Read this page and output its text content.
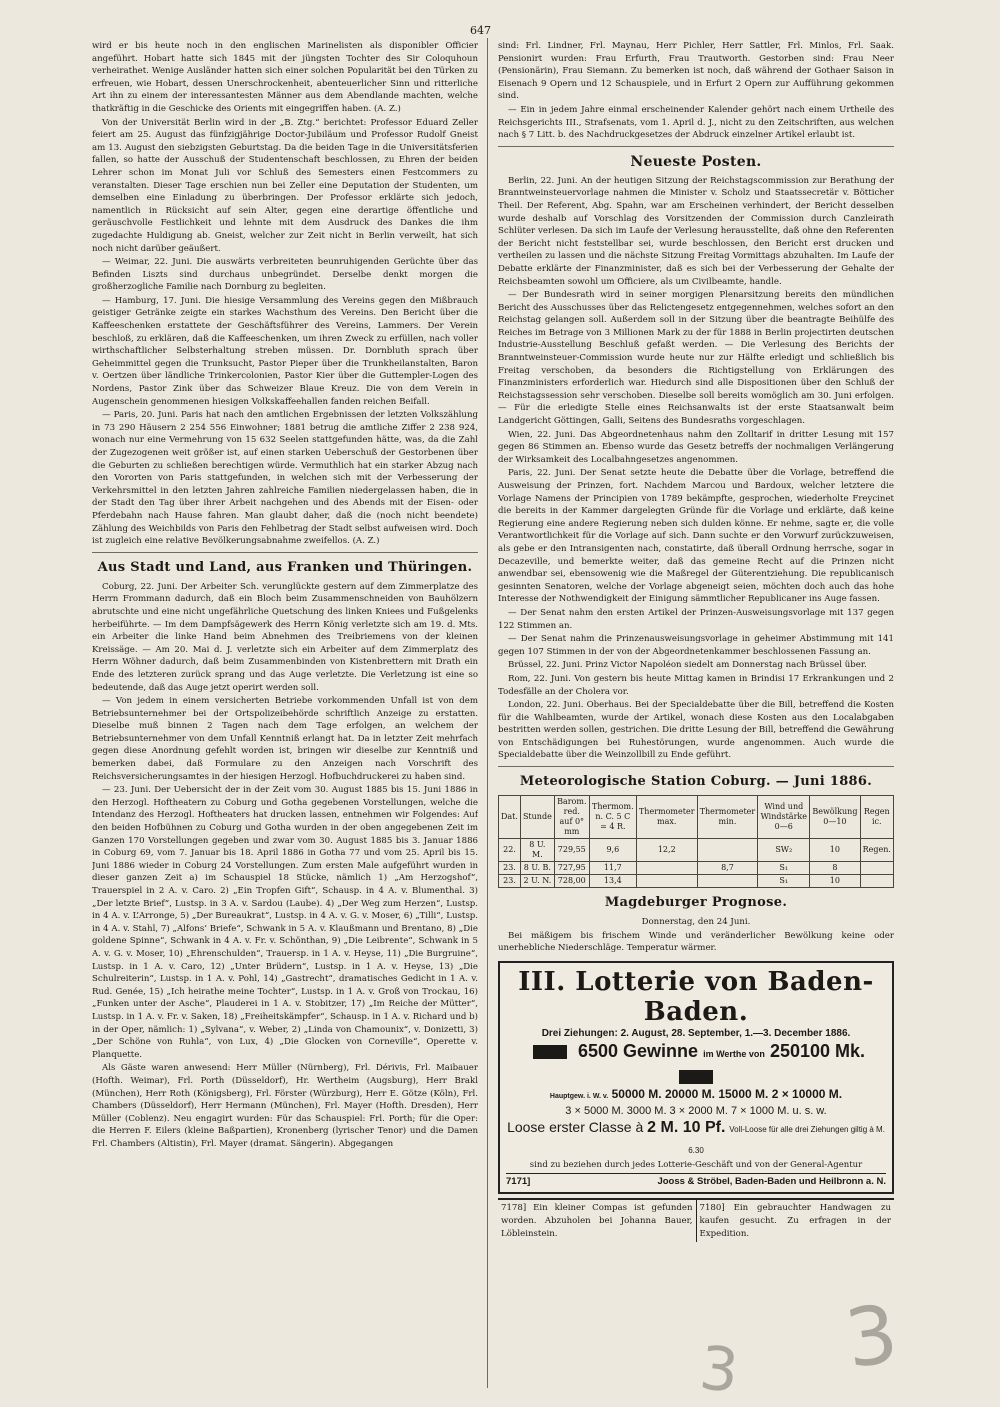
647

wird er bis heute noch in den englischen Marinelisten als disponibler Officier angeführt. Hobart hatte sich 1845 mit der jüngsten Tochter des Sir Coloquhoun verheirathet. Wenige Ausländer hatten sich einer solchen Popularität bei den Türken zu erfreuen, wie Hobart, dessen Unerschrockenheit, abenteuerlicher Sinn und ritterliche Art ihn zu einem der interessantesten Männer aus dem Abendlande machten, welche thatkräftig in die Geschicke des Orients mit eingegriffen haben. (A. Z.)

Von der Universität Berlin wird in der „B. Ztg.“ berichtet: Professor Eduard Zeller feiert am 25. August das fünfzigjährige Doctor-Jubiläum und Professor Rudolf Gneist am 13. August den siebzigsten Geburtstag. Da die beiden Tage in die Universitätsferien fallen, so hatte der Ausschuß der Studentenschaft beschlossen, zu Ehren der beiden Lehrer schon im Monat Juli vor Schluß des Semesters einen Festcommers zu veranstalten. Dieser Tage erschien nun bei Zeller eine Deputation der Studenten, um demselben eine Einladung zu überbringen. Der Professor erklärte sich jedoch, namentlich in Rücksicht auf sein Alter, gegen eine derartige öffentliche und geräuschvolle Festlichkeit und lehnte mit dem Ausdruck des Dankes die ihm zugedachte Huldigung ab. Gneist, welcher zur Zeit nicht in Berlin verweilt, hat sich noch nicht darüber geäußert.

— Weimar, 22. Juni. Die auswärts verbreiteten beunruhigenden Gerüchte über das Befinden Liszts sind durchaus unbegründet. Derselbe denkt morgen die großherzogliche Familie nach Dornburg zu begleiten.

— Hamburg, 17. Juni. Die hiesige Versammlung des Vereins gegen den Mißbrauch geistiger Getränke zeigte ein starkes Wachsthum des Vereins. Den Bericht über die Kaffeeschenken erstattete der Geschäftsführer des Vereins, Lammers. Der Verein beschloß, zu erklären, daß die Kaffeeschenken, um ihren Zweck zu erfüllen, nach voller wirthschaftlicher Selbsterhaltung streben müssen. Dr. Dornbluth sprach über Geheimmittel gegen die Trunksucht, Pastor Pieper über die Trunkheilanstalten, Baron v. Oertzen über ländliche Trinkercolonien, Pastor Kier über die Guttempler-Logen des Nordens, Pastor Zink über das Schweizer Blaue Kreuz. Die von dem Verein in Augenschein genommenen hiesigen Volkskaffeehallen fanden reichen Beifall.

— Paris, 20. Juni. Paris hat nach den amtlichen Ergebnissen der letzten Volkszählung in 73 290 Häusern 2 254 556 Einwohner; 1881 betrug die amtliche Ziffer 2 238 924, wonach nur eine Vermehrung von 15 632 Seelen stattgefunden hätte, was, da die Zahl der Zugezogenen weit größer ist, auf einen starken Ueberschuß der Gestorbenen über die Geburten zu schließen berechtigen würde. Vermuthlich hat ein starker Abzug nach den Vororten von Paris stattgefunden, in welchen sich mit der Verbesserung der Verkehrsmittel in den letzten Jahren zahlreiche Familien niedergelassen haben, die in der Stadt den Tag über ihrer Arbeit nachgehen und des Abends mit der Eisen- oder Pferdebahn nach Hause fahren. Man glaubt daher, daß die (noch nicht beendete) Zählung des Weichbilds von Paris den Fehlbetrag der Stadt selbst aufweisen wird. Doch ist zugleich eine relative Bevölkerungsabnahme zweifellos. (A. Z.)

Aus Stadt und Land, aus Franken und Thüringen.

Coburg, 22. Juni. Der Arbeiter Sch. verunglückte gestern auf dem Zimmerplatze des Herrn Frommann dadurch, daß ein Bloch beim Zusammenschneiden von Bauhölzern abrutschte und eine nicht ungefährliche Quetschung des linken Kniees und Fußgelenks herbeiführte. — Im dem Dampfsägewerk des Herrn König verletzte sich am 19. d. Mts. ein Arbeiter die linke Hand beim Abnehmen des Treibriemens von der kleinen Kreissäge. — Am 20. Mai d. J. verletzte sich ein Arbeiter auf dem Zimmerplatz des Herrn Wöhner dadurch, daß beim Zusammenbinden von Kistenbrettern mit Drath ein Ende des letzteren zurück sprang und das Auge verletzte. Die Verletzung ist eine so bedeutende, daß das Auge jetzt operirt werden soll.

— Von jedem in einem versicherten Betriebe vorkommenden Unfall ist von dem Betriebsunternehmer bei der Ortspolizeibehörde schriftlich Anzeige zu erstatten. Dieselbe muß binnen 2 Tagen nach dem Tage erfolgen, an welchem der Betriebsunternehmer von dem Unfall Kenntniß erlangt hat. Da in letzter Zeit mehrfach gegen diese Anordnung gefehlt worden ist, bringen wir dieselbe zur Kenntniß und bemerken dabei, daß Formulare zu den Anzeigen nach Vorschrift des Reichsversicherungsamtes in der hiesigen Herzogl. Hofbuchdruckerei zu haben sind.

— 23. Juni. Der Uebersicht der in der Zeit vom 30. August 1885 bis 15. Juni 1886 in den Herzogl. Hoftheatern zu Coburg und Gotha gegebenen Vorstellungen, welche die Intendanz des Herzogl. Hoftheaters hat drucken lassen, entnehmen wir Folgendes: Auf den beiden Hofbühnen zu Coburg und Gotha wurden in der oben angegebenen Zeit im Ganzen 170 Vorstellungen gegeben und zwar vom 30. August 1885 bis 3. Januar 1886 in Coburg 69, vom 7. Januar bis 18. April 1886 in Gotha 77 und vom 25. April bis 15. Juni 1886 wieder in Coburg 24 Vorstellungen. Zum ersten Male aufgeführt wurden in dieser ganzen Zeit a) im Schauspiel 18 Stücke, nämlich 1) „Am Herzogshof“, Trauerspiel in 2 A. v. Caro. 2) „Ein Tropfen Gift“, Schausp. in 4 A. v. Blumenthal. 3) „Der letzte Brief“, Lustsp. in 3 A. v. Sardou (Laube). 4) „Der Weg zum Herzen“, Lustsp. in 4 A. v. L’Arronge, 5) „Der Bureaukrat“, Lustsp. in 4 A. v. G. v. Moser, 6) „Tilli“, Lustsp. in 4 A. v. Stahl, 7) „Alfons’ Briefe“, Schwank in 5 A. v. Klaußmann und Brentano, 8) „Die goldene Spinne“, Schwank in 4 A. v. Fr. v. Schönthan, 9) „Die Leibrente“, Schwank in 5 A. v. G. v. Moser, 10) „Ehrenschulden“, Trauersp. in 1 A. v. Heyse, 11) „Die Burgruine“, Lustsp. in 1 A. v. Caro, 12) „Unter Brüdern“, Lustsp. in 1 A. v. Heyse, 13) „Die Schulreiterin“, Lustsp. in 1 A. v. Pohl, 14) „Gastrecht“, dramatisches Gedicht in 1 A. v. Rud. Genée, 15) „Ich heirathe meine Tochter“, Lustsp. in 1 A. v. Groß von Trockau, 16) „Funken unter der Asche“, Plauderei in 1 A. v. Stobitzer, 17) „Im Reiche der Mütter“, Lustsp. in 1 A. v. Fr. v. Saken, 18) „Freiheitskämpfer“, Schausp. in 1 A. v. Richard und b) in der Oper, nämlich: 1) „Sylvana“, v. Weber, 2) „Linda von Chamounix“, v. Donizetti, 3) „Der Schöne von Ruhla“, von Lux, 4) „Die Glocken von Corneville“, Operette v. Planquette.

Als Gäste waren anwesend: Herr Müller (Nürnberg), Frl. Dérivis, Frl. Maibauer (Hofth. Weimar), Frl. Porth (Düsseldorf), Hr. Wertheim (Augsburg), Herr Brakl (München), Herr Roth (Königsberg), Frl. Förster (Würzburg), Herr E. Götze (Köln), Frl. Chambers (Düsseldorf), Herr Hermann (München), Frl. Mayer (Hofth. Dresden), Herr Müller (Coblenz). Neu engagirt wurden: Für das Schauspiel: Frl. Porth; für die Oper: die Herren F. Eilers (kleine Baßpartien), Kronenberg (lyrischer Tenor) und die Damen Frl. Chambers (Altistin), Frl. Mayer (dramat. Sängerin). Abgegangen

sind: Frl. Lindner, Frl. Maynau, Herr Pichler, Herr Sattler, Frl. Minlos, Frl. Saak. Pensionirt wurden: Frau Erfurth, Frau Trautworth. Gestorben sind: Frau Neer (Pensionärin), Frau Siemann. Zu bemerken ist noch, daß während der Gothaer Saison in Eisenach 9 Opern und 12 Schauspiele, und in Erfurt 2 Opern zur Aufführung gekommen sind.

— Ein in jedem Jahre einmal erscheinender Kalender gehört nach einem Urtheile des Reichsgerichts III., Strafsenats, vom 1. April d. J., nicht zu den Zeitschriften, aus welchen nach § 7 Litt. b. des Nachdruckgesetzes der Abdruck einzelner Artikel erlaubt ist.

Neueste Posten.

Berlin, 22. Juni. An der heutigen Sitzung der Reichstagscommission zur Berathung der Branntweinsteuervorlage nahmen die Minister v. Scholz und Staatssecretär v. Bötticher Theil. Der Referent, Abg. Spahn, war am Erscheinen verhindert, der Bericht desselben wurde deshalb auf Vorschlag des Vorsitzenden der Commission durch Canzleirath Schlüter verlesen. Da sich im Laufe der Verlesung herausstellte, daß ohne den Referenten der Bericht nicht feststellbar sei, wurde beschlossen, den Bericht erst drucken und vertheilen zu lassen und die nächste Sitzung Freitag Vormittags abzuhalten. Im Laufe der Debatte erklärte der Finanzminister, daß es sich bei der Verbesserung der Gehalte der Reichsbeamten sowohl um Officiere, als um Civilbeamte, handle.

— Der Bundesrath wird in seiner morgigen Plenarsitzung bereits den mündlichen Bericht des Ausschusses über das Relictengesetz entgegennehmen, welches sofort an den Reichstag gelangen soll. Außerdem soll in der Sitzung über die beantragte Beihülfe des Reiches im Betrage von 3 Millionen Mark zu der für 1888 in Berlin projectirten deutschen Industrie-Ausstellung Beschluß gefaßt werden. — Die Verlesung des Berichts der Branntweinsteuer-Commission wurde heute nur zur Hälfte erledigt und schließlich bis Freitag verschoben, da besonders die Richtigstellung von Erklärungen des Finanzministers erforderlich war. Hiedurch sind alle Dispositionen über den Schluß der Reichstagssession sehr verschoben. Dieselbe soll bereits womöglich am 30. Juni erfolgen. — Für die erledigte Stelle eines Reichsanwalts ist der erste Staatsanwalt beim Landgericht Göttingen, Galli, Seitens des Bundesraths vorgeschlagen.

Wien, 22. Juni. Das Abgeordnetenhaus nahm den Zolltarif in dritter Lesung mit 157 gegen 86 Stimmen an. Ebenso wurde das Gesetz betreffs der nochmaligen Verlängerung der Wirksamkeit des Localbahngesetzes angenommen.

Paris, 22. Juni. Der Senat setzte heute die Debatte über die Vorlage, betreffend die Ausweisung der Prinzen, fort. Nachdem Marcou und Bardoux, welcher letztere die Vorlage Namens der Principien von 1789 bekämpfte, gesprochen, wiederholte Freycinet die bereits in der Kammer dargelegten Gründe für die Vorlage und erklärte, daß keine Regierung eine andere Regierung neben sich dulden könne. Er nehme, sagte er, die volle Verantwortlichkeit für die Vorlage auf sich. Dann suchte er den Vorwurf zurückzuweisen, als gebe er den Intransigenten nach, constatirte, daß überall Ordnung herrsche, sogar in Decazeville, und bemerkte weiter, daß das gemeine Recht auf die Prinzen nicht anwendbar sei, ebensowenig wie die Maßregel der Güterentziehung. Die republicanisch gesinnten Senatoren, welche der Vorlage abgeneigt seien, möchten doch auch das hohe Interesse der Nothwendigkeit der Einigung sämmtlicher Republicaner ins Auge fassen.

— Der Senat nahm den ersten Artikel der Prinzen-Ausweisungsvorlage mit 137 gegen 122 Stimmen an.

— Der Senat nahm die Prinzenausweisungsvorlage in geheimer Abstimmung mit 141 gegen 107 Stimmen in der von der Abgeordnetenkammer beschlossenen Fassung an.

Brüssel, 22. Juni. Prinz Victor Napoléon siedelt am Donnerstag nach Brüssel über.

Rom, 22. Juni. Von gestern bis heute Mittag kamen in Brindisi 17 Erkrankungen und 2 Todesfälle an der Cholera vor.

London, 22. Juni. Oberhaus. Bei der Specialdebatte über die Bill, betreffend die Kosten für die Wahlbeamten, wurde der Artikel, wonach diese Kosten aus den Localabgaben bestritten werden sollen, gestrichen. Die dritte Lesung der Bill, betreffend die Gewährung von Entschädigungen bei Ruhestörungen, wurde angenommen. Auch wurde die Specialdebatte über die Weinzollbill zu Ende geführt.

Meteorologische Station Coburg. — Juni 1886.
Dat.	Stunde	Barom. red. auf 0° mm	Thermom. n. C. 5 C = 4 R.	Thermometer max.	Thermometer min.	Wind und Windstärke 0—6	Bewölkung 0—10	Regen ic.
22.	8 U. M.	729,55	9,6	12,2		SW₂	10	Regen.
23.	8 U. B.	727,95	11,7		8,7	S₁	8	
23.	2 U. N.	728,00	13,4			S₁	10	
Magdeburger Prognose.

Donnerstag, den 24 Juni.

Bei mäßigem bis frischem Winde und veränderlicher Bewölkung keine oder unerhebliche Niederschläge. Temperatur wärmer.

III. Lotterie von Baden-Baden.
Drei Ziehungen: 2. August, 28. September, 1.—3. December 1886.
6500 Gewinne im Werthe von 250100 Mk.
Hauptgew. i. W. v. 50000 M. 20000 M. 15000 M. 2 × 10000 M.
3 × 5000 M. 3000 M. 3 × 2000 M. 7 × 1000 M. u. s. w.
Loose erster Classe à 2 M. 10 Pf. Voll-Loose für alle drei Ziehungen giltig à M. 6.30
sind zu beziehen durch jedes Lotterie-Geschäft und von der General-Agentur
7171]	Jooss & Ströbel, Baden-Baden und Heilbronn a. N.
7178] Ein kleiner Compas ist gefunden worden. Abzuholen bei Johanna Bauer, Löbleinstein.
7180] Ein gebrauchter Handwagen zu kaufen gesucht. Zu erfragen in der Expedition.
3
3
